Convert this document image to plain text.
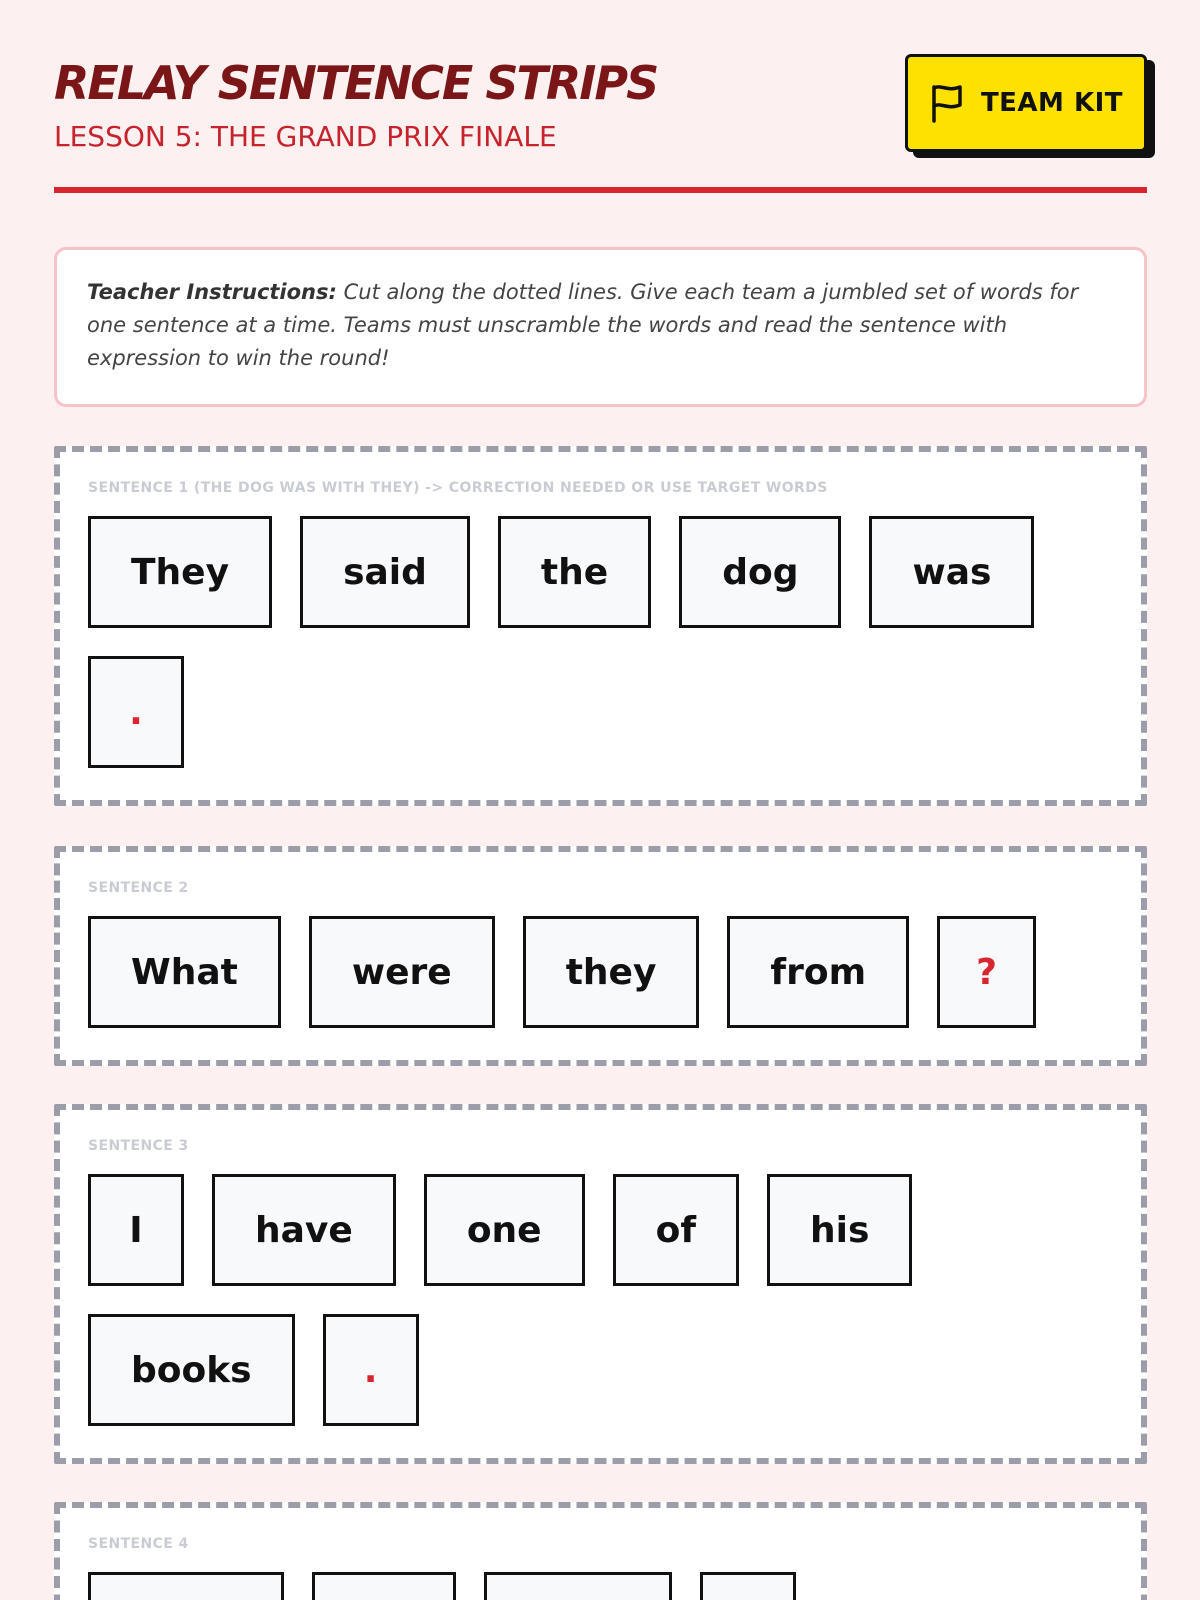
RELAY SENTENCE STRIPS
LESSON 5: THE GRAND PRIX FINALE
TEAM KIT
Teacher Instructions: Cut along the dotted lines. Give each team a jumbled set of words for one sentence at a time. Teams must unscramble the words and read the sentence with expression to win the round!
SENTENCE 1 (THE DOG WAS WITH THEY) -> CORRECTION NEEDED OR USE TARGET WORDS
They	said	the	dog	was
.
SENTENCE 2
What	were	they	from	?
SENTENCE 3
I	have	one	of	his
books	.
SENTENCE 4
